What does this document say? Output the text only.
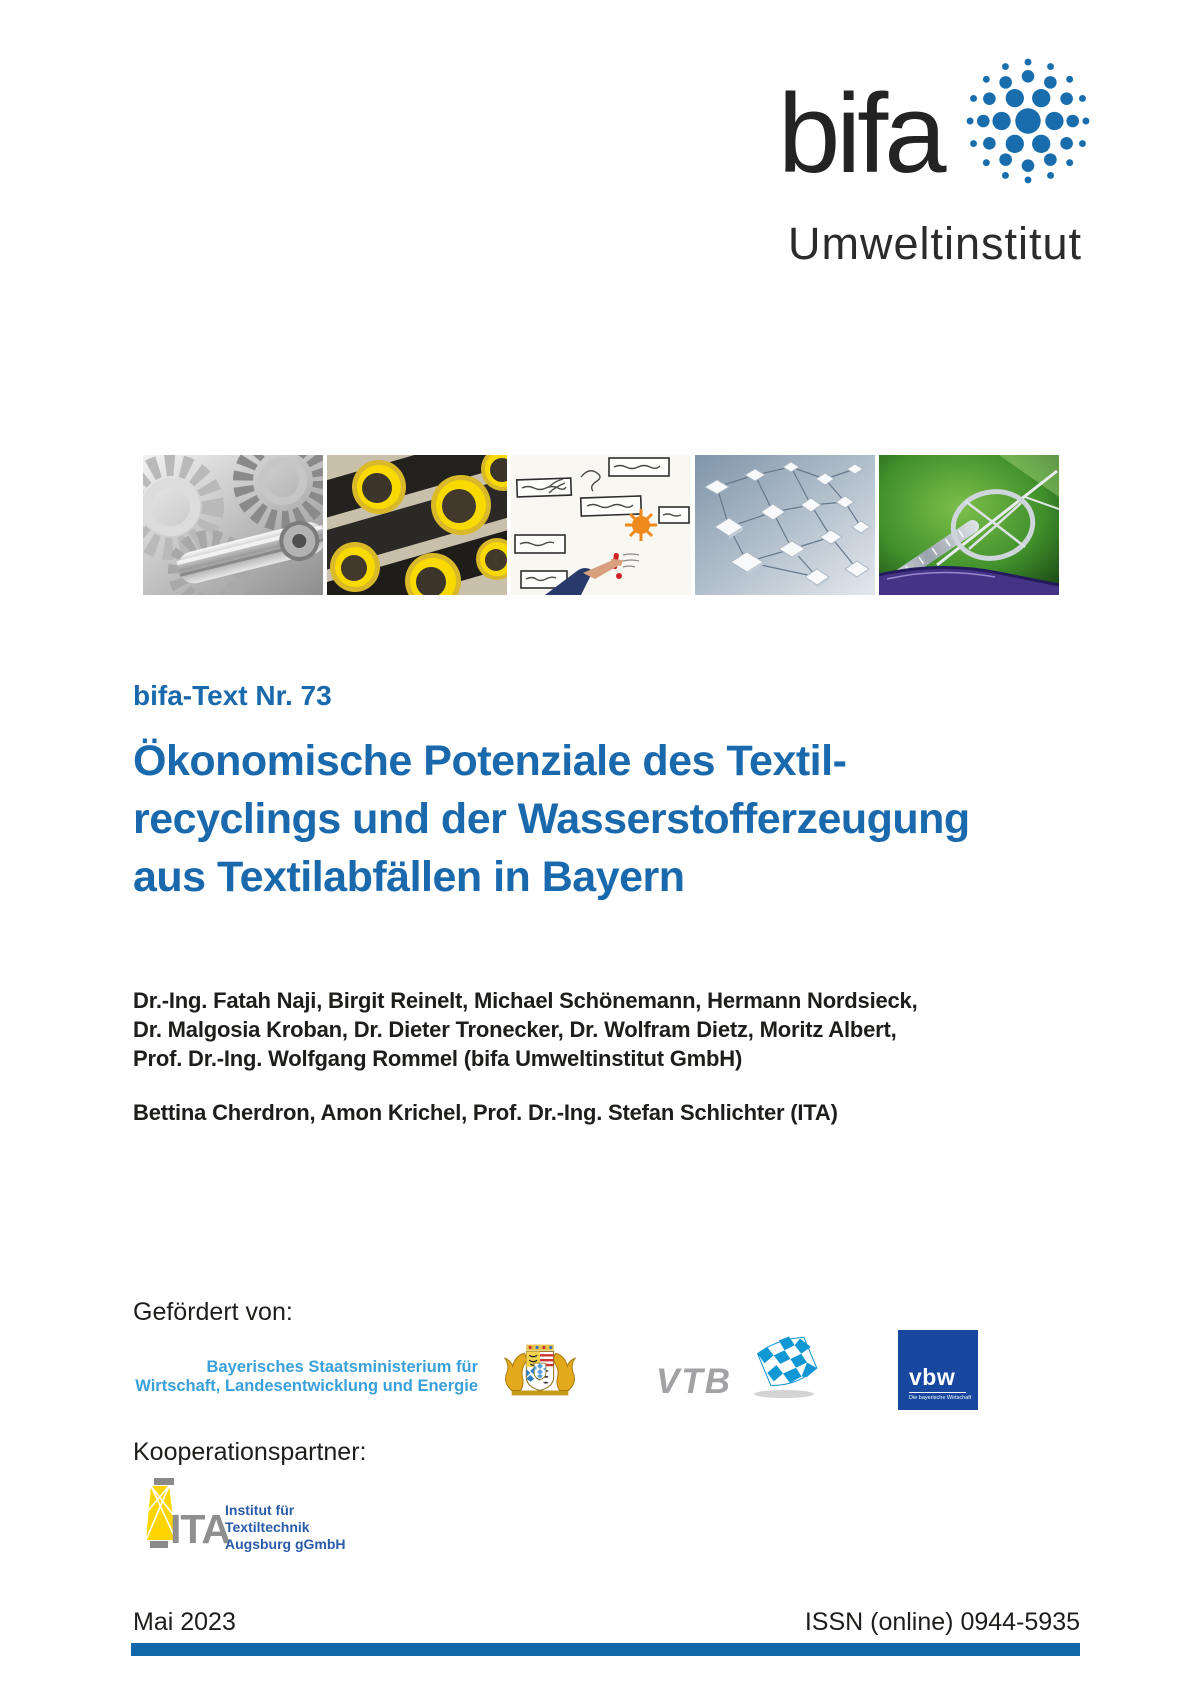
bifa
Umweltinstitut
bifa-Text Nr. 73
Ökonomische Potenziale des Textil-
recyclings und der Wasserstofferzeugung
aus Textilabfällen in Bayern

Dr.-Ing. Fatah Naji, Birgit Reinelt, Michael Schönemann, Hermann Nordsieck,
Dr. Malgosia Kroban, Dr. Dieter Tronecker, Dr. Wolfram Dietz, Moritz Albert,
Prof. Dr.-Ing. Wolfgang Rommel (bifa Umweltinstitut GmbH)

Bettina Cherdron, Amon Krichel, Prof. Dr.-Ing. Stefan Schlichter (ITA)

Gefördert von:
Bayerisches Staatsministerium für
Wirtschaft, Landesentwicklung und Energie	VTB	vbw
Die bayerische Wirtschaft
Kooperationspartner:
ITA
Institut für
Textiltechnik
Augsburg gGmbH
Mai 2023	ISSN (online) 0944-5935
